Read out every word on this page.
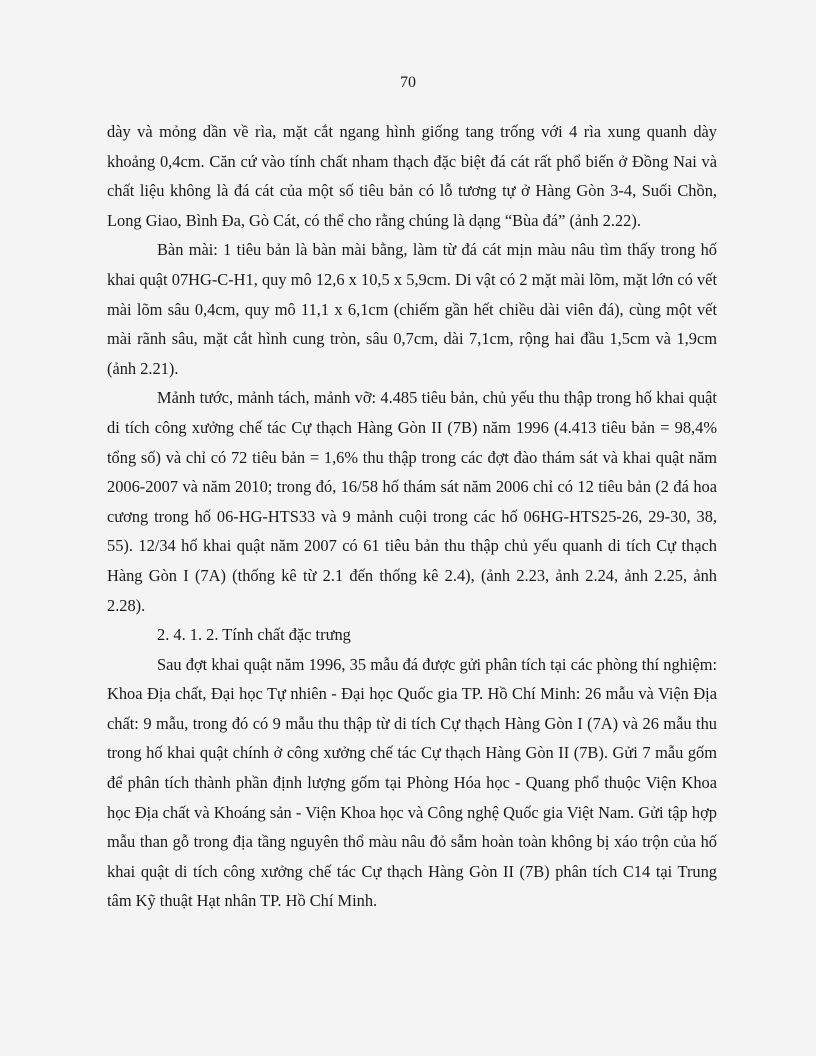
70

dày và mỏng dần về rìa, mặt cắt ngang hình giống tang trống với 4 rìa xung quanh dày khoảng 0,4cm. Căn cứ vào tính chất nham thạch đặc biệt đá cát rất phổ biến ở Đồng Nai và chất liệu không là đá cát của một số tiêu bản có lỗ tương tự ở Hàng Gòn 3-4, Suối Chồn, Long Giao, Bình Đa, Gò Cát, có thể cho rằng chúng là dạng “Bùa đá” (ảnh 2.22).

Bàn mài: 1 tiêu bản là bàn mài bằng, làm từ đá cát mịn màu nâu tìm thấy trong hố khai quật 07HG-C-H1, quy mô 12,6 x 10,5 x 5,9cm. Di vật có 2 mặt mài lõm, mặt lớn có vết mài lõm sâu 0,4cm, quy mô 11,1 x 6,1cm (chiếm gần hết chiều dài viên đá), cùng một vết mài rãnh sâu, mặt cắt hình cung tròn, sâu 0,7cm, dài 7,1cm, rộng hai đầu 1,5cm và 1,9cm (ảnh 2.21).

Mảnh tước, mảnh tách, mảnh vỡ: 4.485 tiêu bản, chủ yếu thu thập trong hố khai quật di tích công xưởng chế tác Cự thạch Hàng Gòn II (7B) năm 1996 (4.413 tiêu bản = 98,4% tổng số) và chỉ có 72 tiêu bản = 1,6% thu thập trong các đợt đào thám sát và khai quật năm 2006-2007 và năm 2010; trong đó, 16/58 hố thám sát năm 2006 chỉ có 12 tiêu bản (2 đá hoa cương trong hố 06-HG-HTS33 và 9 mảnh cuội trong các hố 06HG-HTS25-26, 29-30, 38, 55). 12/34 hố khai quật năm 2007 có 61 tiêu bản thu thập chủ yếu quanh di tích Cự thạch Hàng Gòn I (7A) (thống kê từ 2.1 đến thống kê 2.4), (ảnh 2.23, ảnh 2.24, ảnh 2.25, ảnh 2.28).

2. 4. 1. 2. Tính chất đặc trưng

Sau đợt khai quật năm 1996, 35 mẫu đá được gửi phân tích tại các phòng thí nghiệm: Khoa Địa chất, Đại học Tự nhiên - Đại học Quốc gia TP. Hồ Chí Minh: 26 mẫu và Viện Địa chất: 9 mẫu, trong đó có 9 mẫu thu thập từ di tích Cự thạch Hàng Gòn I (7A) và 26 mẫu thu trong hố khai quật chính ở công xưởng chế tác Cự thạch Hàng Gòn II (7B). Gửi 7 mẫu gốm để phân tích thành phần định lượng gốm tại Phòng Hóa học - Quang phổ thuộc Viện Khoa học Địa chất và Khoáng sản - Viện Khoa học và Công nghệ Quốc gia Việt Nam. Gửi tập hợp mẫu than gỗ trong địa tầng nguyên thổ màu nâu đỏ sẫm hoàn toàn không bị xáo trộn của hố khai quật di tích công xưởng chế tác Cự thạch Hàng Gòn II (7B) phân tích C14 tại Trung tâm Kỹ thuật Hạt nhân TP. Hồ Chí Minh.
